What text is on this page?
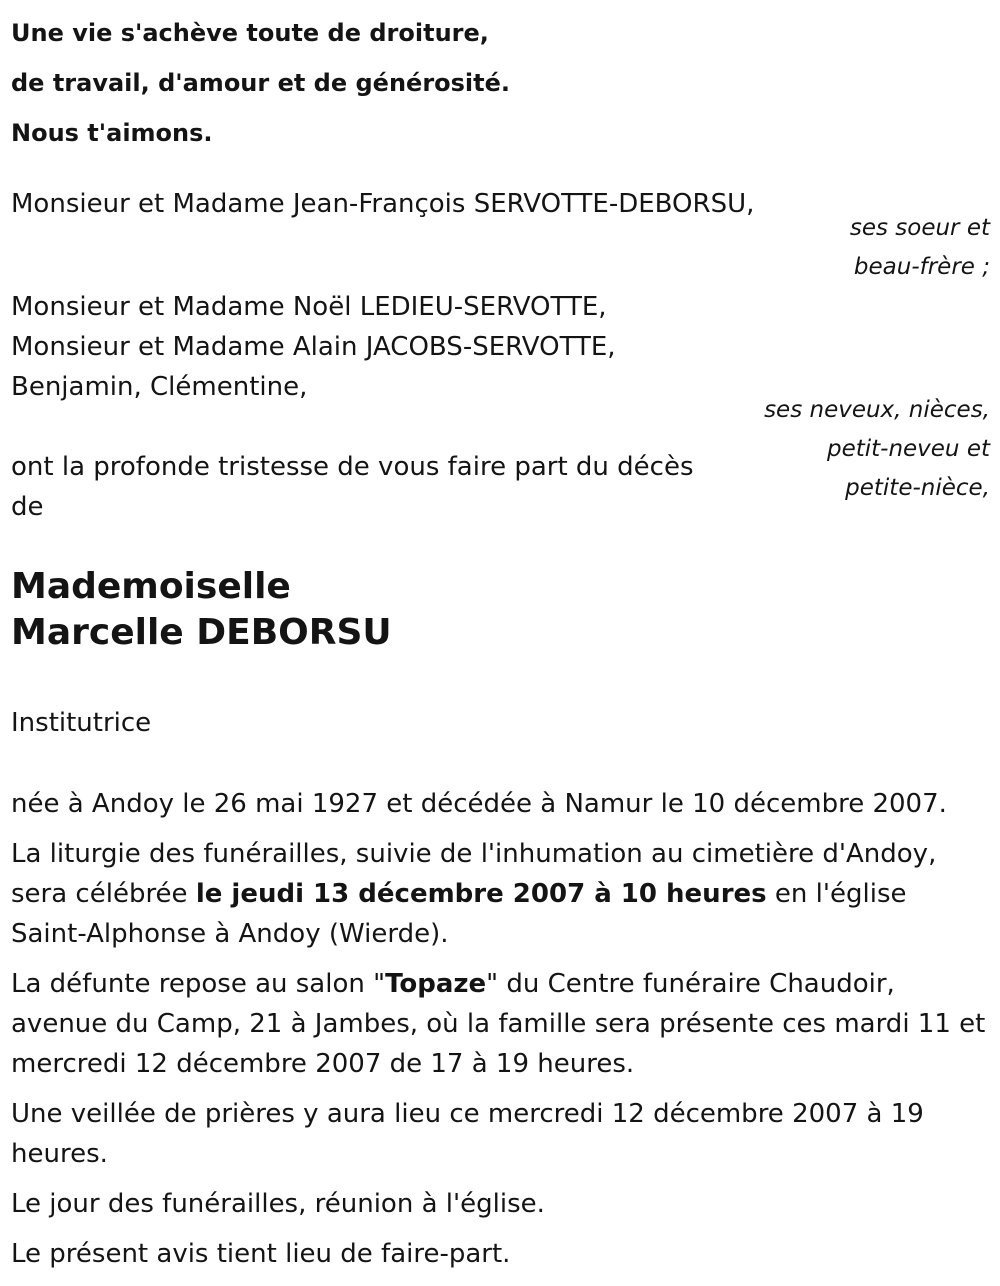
Une vie s'achève toute de droiture,
de travail, d'amour et de générosité.
Nous t'aimons.
Monsieur et Madame Jean-François SERVOTTE-DEBORSU,
ses soeur et
beau-frère ;
Monsieur et Madame Noël LEDIEU-SERVOTTE,
Monsieur et Madame Alain JACOBS-SERVOTTE,
Benjamin, Clémentine,
ses neveux, nièces,
petit-neveu et
petite-nièce,
ont la profonde tristesse de vous faire part du décès
de
Mademoiselle
Marcelle DEBORSU
Institutrice

née à Andoy le 26 mai 1927 et décédée à Namur le 10 décembre 2007.

La liturgie des funérailles, suivie de l'inhumation au cimetière d'Andoy, sera célébrée le jeudi 13 décembre 2007 à 10 heures en l'église Saint-Alphonse à Andoy (Wierde).

La défunte repose au salon "Topaze" du Centre funéraire Chaudoir, avenue du Camp, 21 à Jambes, où la famille sera présente ces mardi 11 et mercredi 12 décembre 2007 de 17 à 19 heures.

Une veillée de prières y aura lieu ce mercredi 12 décembre 2007 à 19 heures.

Le jour des funérailles, réunion à l'église.

Le présent avis tient lieu de faire-part.
